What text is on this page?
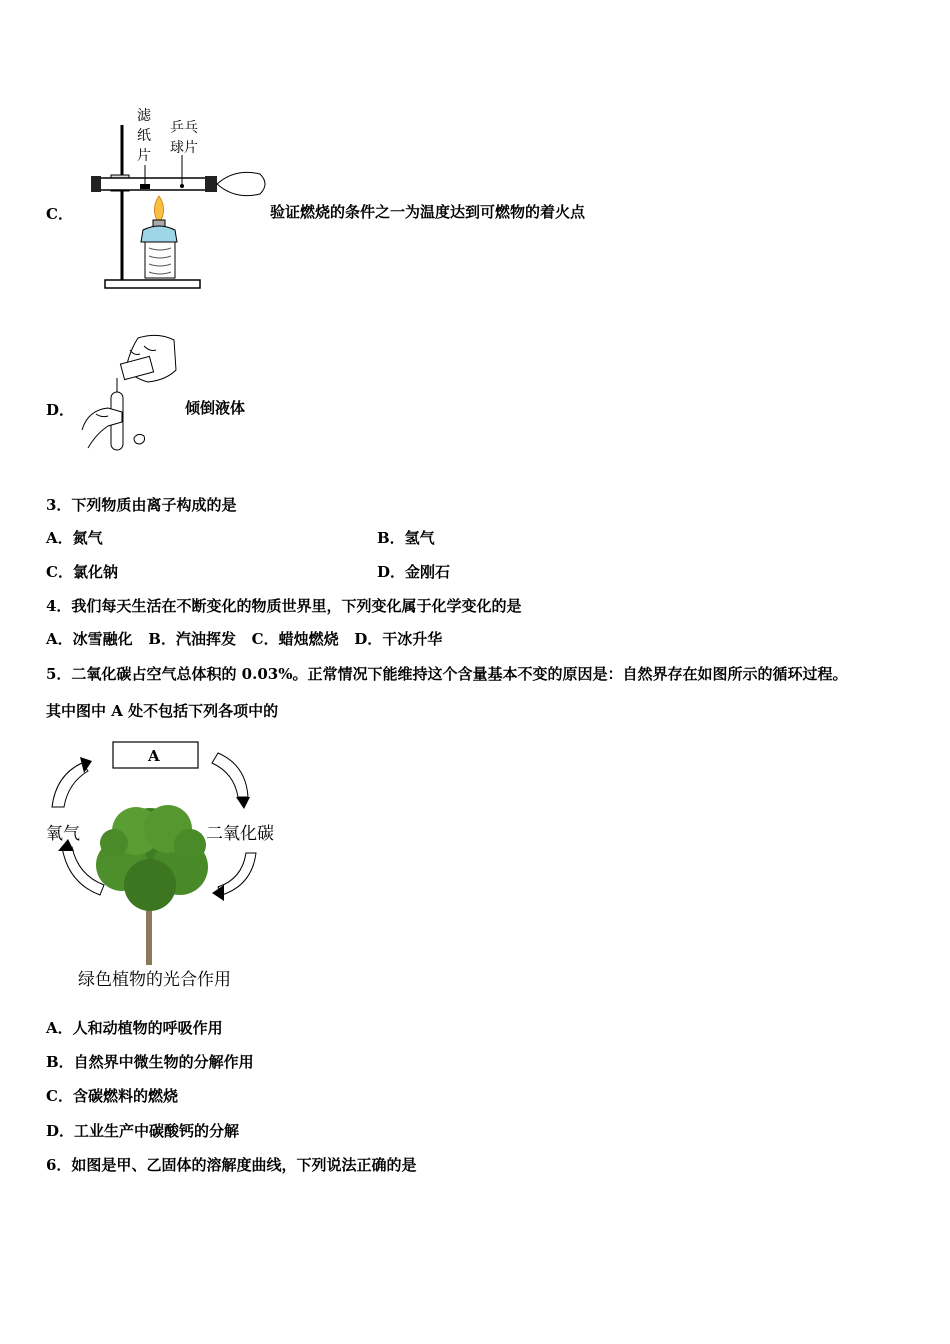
C．
滤
纸
片
乒乓
球片
验证燃烧的条件之一为温度达到可燃物的着火点
D．	倾倒液体
3．下列物质由离子构成的是
A．氮气	B．氢气
C．氯化钠	D．金刚石
4．我们每天生活在不断变化的物质世界里，下列变化属于化学变化的是
A．冰雪融化   B．汽油挥发   C．蜡烛燃烧   D．干冰升华
5．二氧化碳占空气总体积的 0.03%。正常情况下能维持这个含量基本不变的原因是：自然界存在如图所示的循环过程。
其中图中 A 处不包括下列各项中的
A
氧气	二氧化碳
绿色植物的光合作用
A．人和动植物的呼吸作用
B．自然界中微生物的分解作用
C．含碳燃料的燃烧
D．工业生产中碳酸钙的分解
6．如图是甲、乙固体的溶解度曲线，下列说法正确的是
